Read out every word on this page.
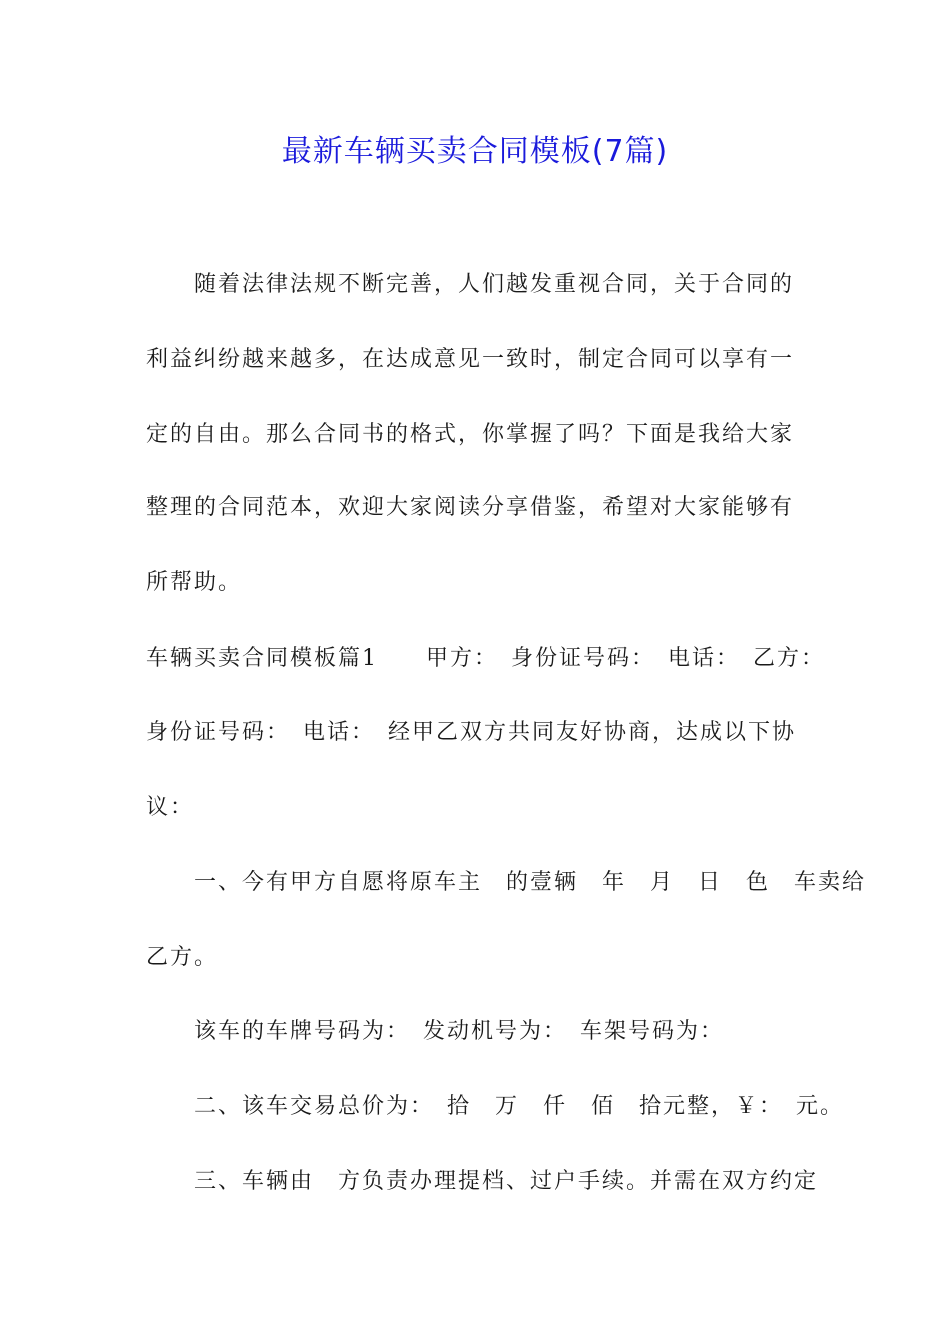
最新车辆买卖合同模板(7篇)

随着法律法规不断完善，人们越发重视合同，关于合同的

利益纠纷越来越多，在达成意见一致时，制定合同可以享有一

定的自由。那么合同书的格式，你掌握了吗？下面是我给大家

整理的合同范本，欢迎大家阅读分享借鉴，希望对大家能够有

所帮助。

车辆买卖合同模板篇1　　甲方：　身份证号码：　电话：　乙方：

身份证号码：　电话：　经甲乙双方共同友好协商，达成以下协

议：

一、今有甲方自愿将原车主　的壹辆　年　月　日　色　车卖给

乙方。

该车的车牌号码为：　发动机号为：　车架号码为：

二、该车交易总价为：　拾　万　仟　佰　拾元整，￥：　元。

三、车辆由　方负责办理提档、过户手续。并需在双方约定
